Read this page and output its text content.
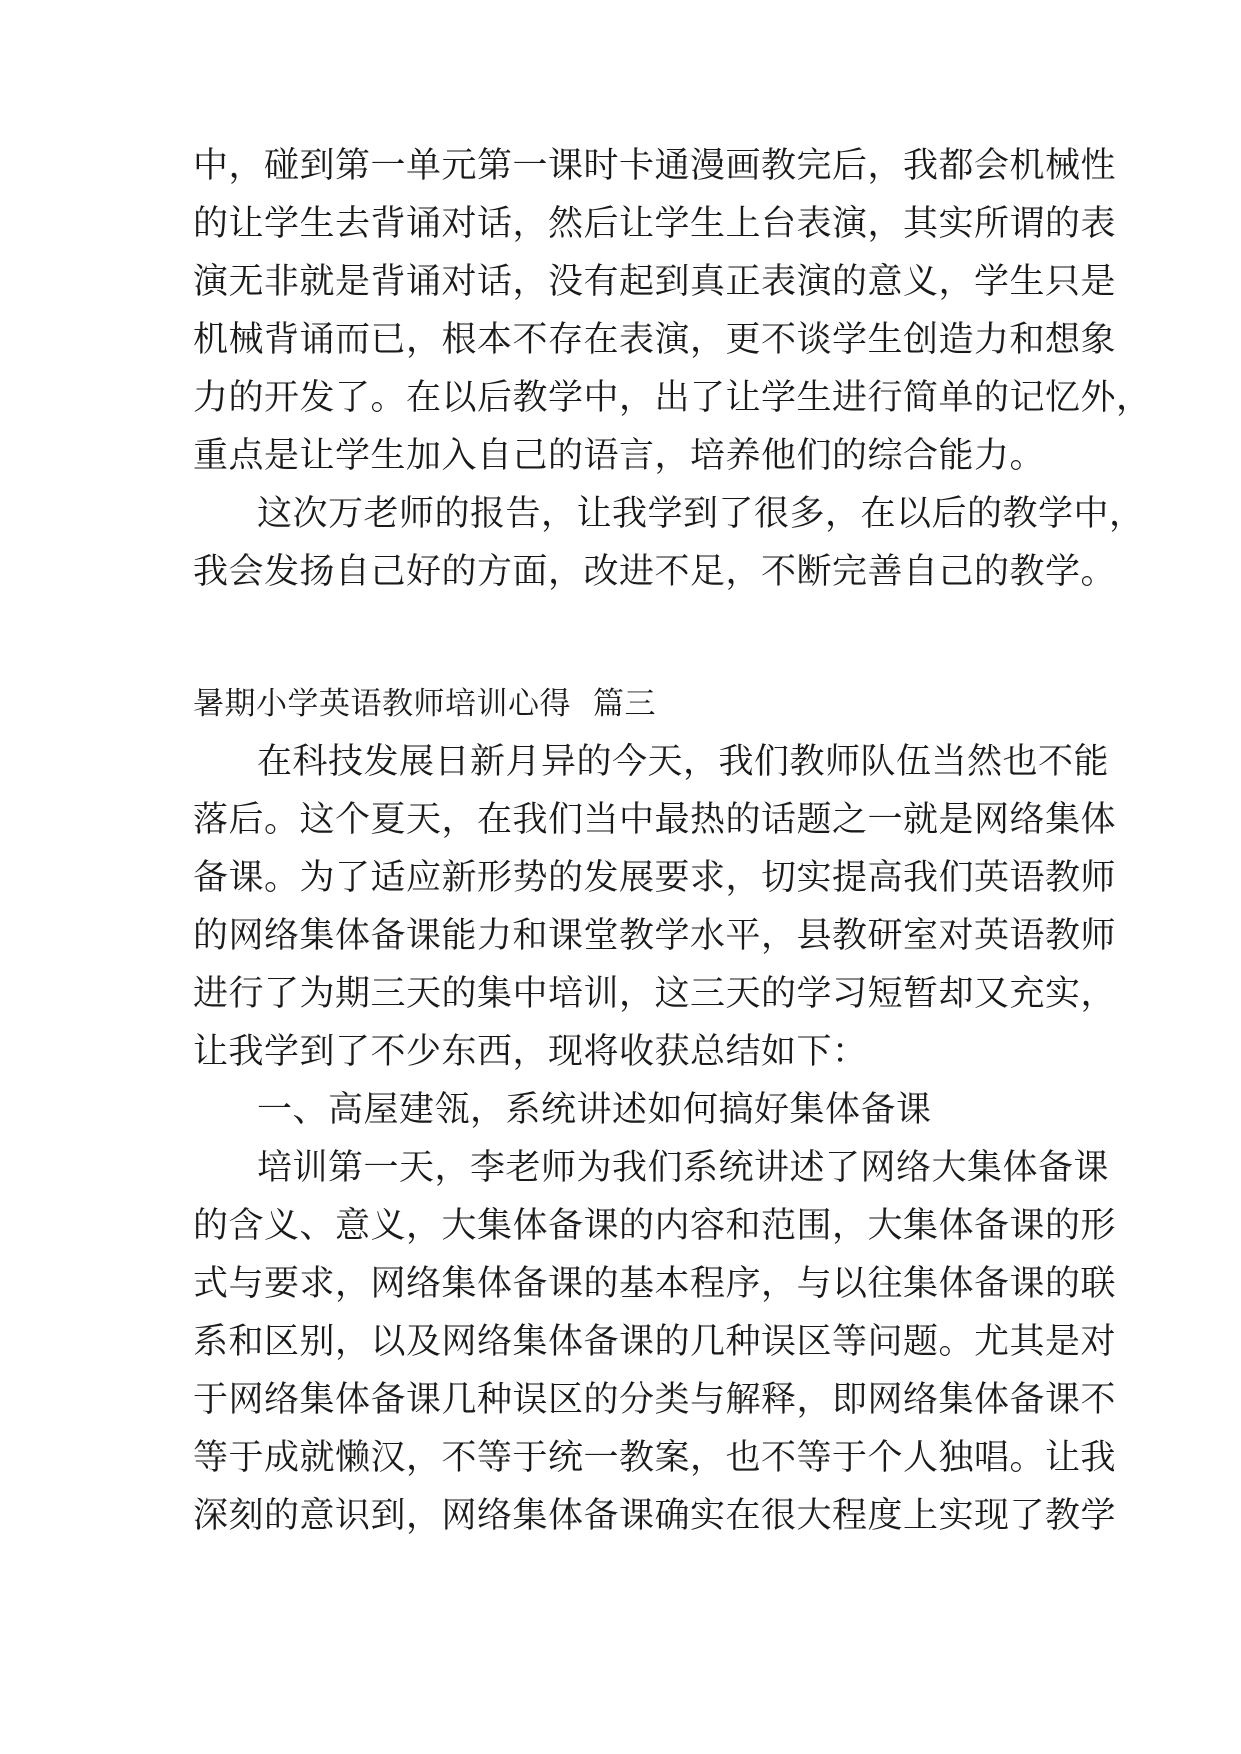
中，碰到第一单元第一课时卡通漫画教完后，我都会机械性
的让学生去背诵对话，然后让学生上台表演，其实所谓的表
演无非就是背诵对话，没有起到真正表演的意义，学生只是
机械背诵而已，根本不存在表演，更不谈学生创造力和想象
力的开发了。在以后教学中，出了让学生进行简单的记忆外，
重点是让学生加入自己的语言，培养他们的综合能力。
这次万老师的报告，让我学到了很多，在以后的教学中，
我会发扬自己好的方面，改进不足，不断完善自己的教学。
暑期小学英语教师培训心得 篇三
在科技发展日新月异的今天，我们教师队伍当然也不能
落后。这个夏天，在我们当中最热的话题之一就是网络集体
备课。为了适应新形势的发展要求，切实提高我们英语教师
的网络集体备课能力和课堂教学水平，县教研室对英语教师
进行了为期三天的集中培训，这三天的学习短暂却又充实，
让我学到了不少东西，现将收获总结如下：
一、高屋建瓴，系统讲述如何搞好集体备课
培训第一天，李老师为我们系统讲述了网络大集体备课
的含义、意义，大集体备课的内容和范围，大集体备课的形
式与要求，网络集体备课的基本程序，与以往集体备课的联
系和区别，以及网络集体备课的几种误区等问题。尤其是对
于网络集体备课几种误区的分类与解释，即网络集体备课不
等于成就懒汉，不等于统一教案，也不等于个人独唱。让我
深刻的意识到，网络集体备课确实在很大程度上实现了教学
